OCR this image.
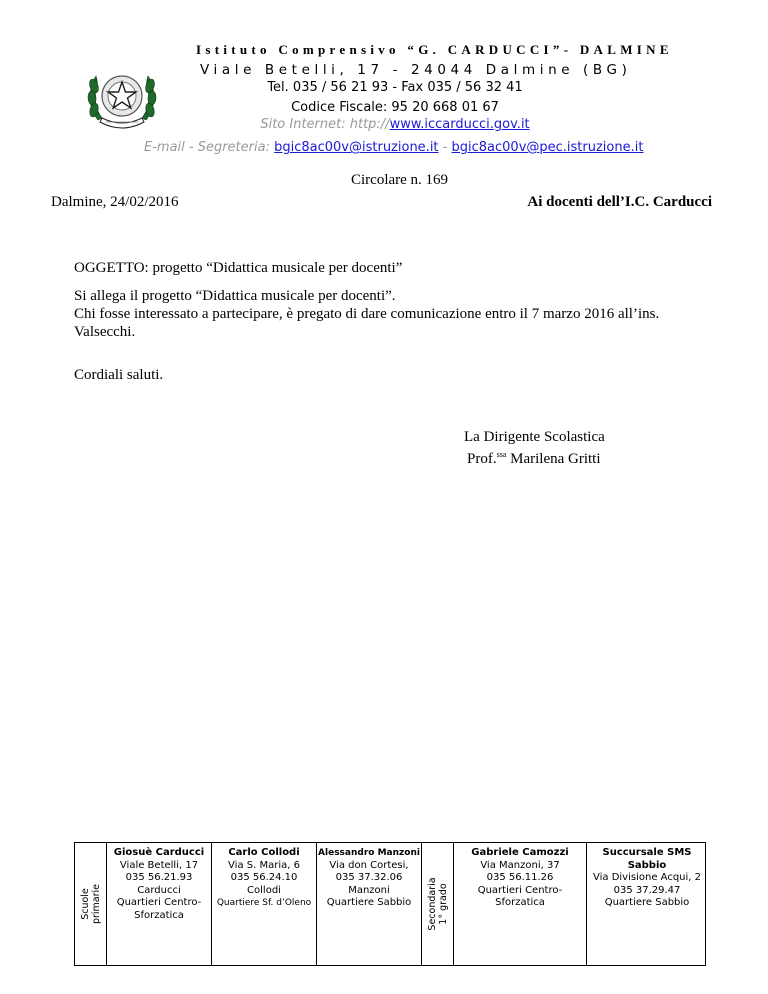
Istituto Comprensivo “G. CARDUCCI”- DALMINE
Viale Betelli, 17 - 24044 Dalmine (BG)
Tel. 035 / 56 21 93 - Fax 035 / 56 32 41
Codice Fiscale: 95 20 668 01 67
Sito Internet: http://www.iccarducci.gov.it
E-mail - Segreteria: bgic8ac00v@istruzione.it - bgic8ac00v@pec.istruzione.it
Circolare n. 169
Dalmine, 24/02/2016	Ai docenti dell’I.C. Carducci
OGGETTO: progetto “Didattica musicale per docenti”
Si allega il progetto “Didattica musicale per docenti”.
Chi fosse interessato a partecipare, è pregato di dare comunicazione entro il 7 marzo 2016 all’ins.
Valsecchi.
Cordiali saluti.
La Dirigente Scolastica
Prof.$^{ssa}$ Marilena Gritti
Scuole primarie
Giosuè Carducci
Viale Betelli, 17
035 56.21.93
Carducci
Quartieri Centro-
Sforzatica
Carlo Collodi
Via S. Maria, 6
035 56.24.10
Collodi
Quartiere Sf. d’Oleno
Alessandro Manzoni
Via don Cortesi,
035 37.32.06
Manzoni
Quartiere Sabbio	Secondaria 1° grado
Gabriele Camozzi
Via Manzoni, 37
035 56.11.26
Quartieri Centro-Sforzatica
Succursale SMS Sabbio
Via Divisione Acqui, 2
035 37.29.47
Quartiere Sabbio
